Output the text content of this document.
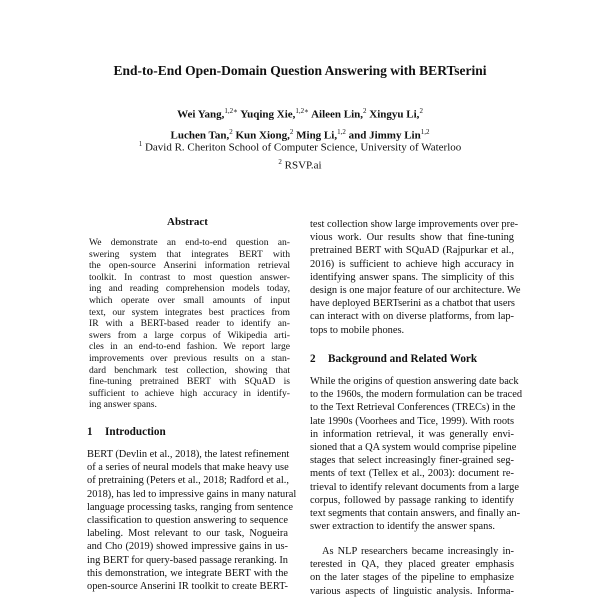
End-to-End Open-Domain Question Answering with BERTserini
Wei Yang,$^{1,2∗}$ Yuqing Xie,$^{1,2∗}$ Aileen Lin,$^2$ Xingyu Li,$^2$
Luchen Tan,$^2$ Kun Xiong,$^2$ Ming Li,$^{1,2}$ and Jimmy Lin$^{1,2}$
$^1$ David R. Cheriton School of Computer Science, University of Waterloo
$^2$ RSVP.ai
Abstract
We demonstrate an end-to-end question an-
swering system that integrates BERT with
the open-source Anserini information retrieval
toolkit. In contrast to most question answer-
ing and reading comprehension models today,
which operate over small amounts of input
text, our system integrates best practices from
IR with a BERT-based reader to identify an-
swers from a large corpus of Wikipedia arti-
cles in an end-to-end fashion. We report large
improvements over previous results on a stan-
dard benchmark test collection, showing that
fine-tuning pretrained BERT with SQuAD is
sufficient to achieve high accuracy in identify-
ing answer spans.
1 Introduction
BERT (Devlin et al., 2018), the latest refinement
of a series of neural models that make heavy use
of pretraining (Peters et al., 2018; Radford et al.,
2018), has led to impressive gains in many natural
language processing tasks, ranging from sentence
classification to question answering to sequence
labeling. Most relevant to our task, Nogueira
and Cho (2019) showed impressive gains in us-
ing BERT for query-based passage reranking. In
this demonstration, we integrate BERT with the
open-source Anserini IR toolkit to create BERT-
test collection show large improvements over pre-
vious work. Our results show that fine-tuning
pretrained BERT with SQuAD (Rajpurkar et al.,
2016) is sufficient to achieve high accuracy in
identifying answer spans. The simplicity of this
design is one major feature of our architecture. We
have deployed BERTserini as a chatbot that users
can interact with on diverse platforms, from lap-
tops to mobile phones.
2 Background and Related Work
While the origins of question answering date back
to the 1960s, the modern formulation can be traced
to the Text Retrieval Conferences (TRECs) in the
late 1990s (Voorhees and Tice, 1999). With roots
in information retrieval, it was generally envi-
sioned that a QA system would comprise pipeline
stages that select increasingly finer-grained seg-
ments of text (Tellex et al., 2003): document re-
trieval to identify relevant documents from a large
corpus, followed by passage ranking to identify
text segments that contain answers, and finally an-
swer extraction to identify the answer spans.
As NLP researchers became increasingly in-
terested in QA, they placed greater emphasis
on the later stages of the pipeline to emphasize
various aspects of linguistic analysis. Informa-
